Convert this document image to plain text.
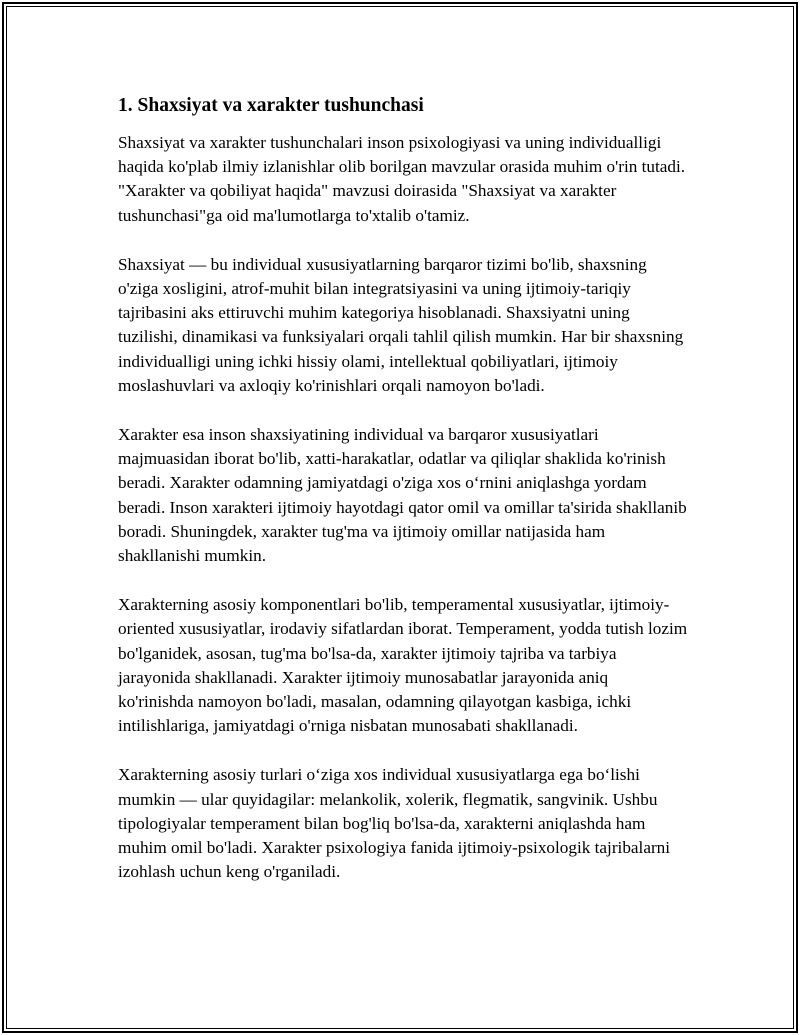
1. Shaxsiyat va xarakter tushunchasi

Shaxsiyat va xarakter tushunchalari inson psixologiyasi va uning individualligi haqida ko'plab ilmiy izlanishlar olib borilgan mavzular orasida muhim o'rin tutadi. "Xarakter va qobiliyat haqida" mavzusi doirasida "Shaxsiyat va xarakter tushunchasi"ga oid ma'lumotlarga to'xtalib o'tamiz.

Shaxsiyat — bu individual xususiyatlarning barqaror tizimi bo'lib, shaxsning o'ziga xosligini, atrof-muhit bilan integratsiyasini va uning ijtimoiy-tariqiy tajribasini aks ettiruvchi muhim kategoriya hisoblanadi. Shaxsiyatni uning tuzilishi, dinamikasi va funksiyalari orqali tahlil qilish mumkin. Har bir shaxsning individualligi uning ichki hissiy olami, intellektual qobiliyatlari, ijtimoiy moslashuvlari va axloqiy ko'rinishlari orqali namoyon bo'ladi.

Xarakter esa inson shaxsiyatining individual va barqaror xususiyatlari majmuasidan iborat bo'lib, xatti-harakatlar, odatlar va qiliqlar shaklida ko'rinish beradi. Xarakter odamning jamiyatdagi o'ziga xos o‘rnini aniqlashga yordam beradi. Inson xarakteri ijtimoiy hayotdagi qator omil va omillar ta'sirida shakllanib boradi. Shuningdek, xarakter tug'ma va ijtimoiy omillar natijasida ham shakllanishi mumkin.

Xarakterning asosiy komponentlari bo'lib, temperamental xususiyatlar, ijtimoiy-oriented xususiyatlar, irodaviy sifatlardan iborat. Temperament, yodda tutish lozim bo'lganidek, asosan, tug'ma bo'lsa-da, xarakter ijtimoiy tajriba va tarbiya jarayonida shakllanadi. Xarakter ijtimoiy munosabatlar jarayonida aniq ko'rinishda namoyon bo'ladi, masalan, odamning qilayotgan kasbiga, ichki intilishlariga, jamiyatdagi o'rniga nisbatan munosabati shakllanadi.

Xarakterning asosiy turlari o‘ziga xos individual xususiyatlarga ega bo‘lishi mumkin — ular quyidagilar: melankolik, xolerik, flegmatik, sangvinik. Ushbu tipologiyalar temperament bilan bog'liq bo'lsa-da, xarakterni aniqlashda ham muhim omil bo'ladi. Xarakter psixologiya fanida ijtimoiy-psixologik tajribalarni izohlash uchun keng o'rganiladi.
